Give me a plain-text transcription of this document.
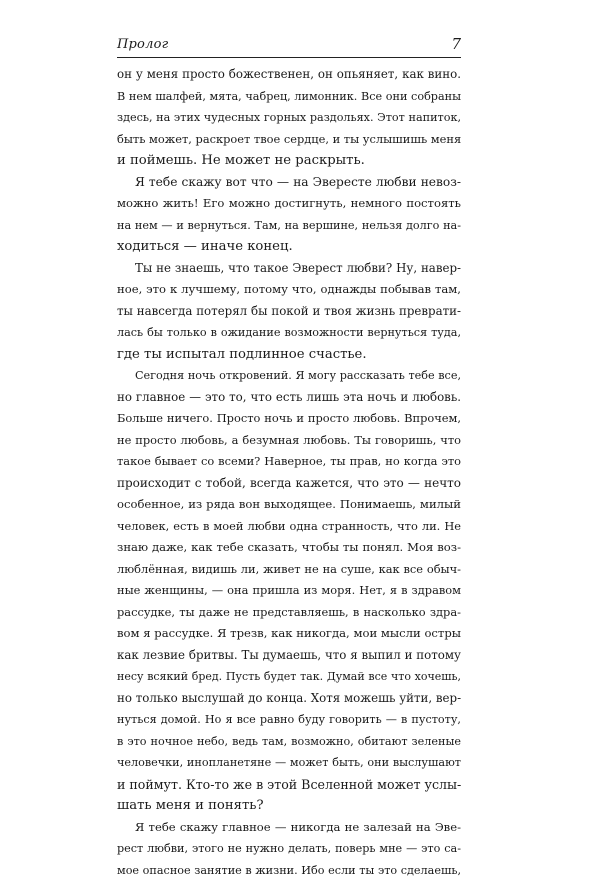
Пролог	7
он у меня просто божественен, он опьяняет, как вино.
В нем шалфей, мята, чабрец, лимонник. Все они собраны
здесь, на этих чудесных горных раздольях. Этот напиток,
быть может, раскроет твое сердце, и ты услышишь меня
и поймешь. Не может не раскрыть.
Я тебе скажу вот что — на Эвересте любви невоз-
можно жить! Его можно достигнуть, немного постоять
на нем — и вернуться. Там, на вершине, нельзя долго на-
ходиться — иначе конец.
Ты не знаешь, что такое Эверест любви? Ну, навер-
ное, это к лучшему, потому что, однажды побывав там,
ты навсегда потерял бы покой и твоя жизнь преврати-
лась бы только в ожидание возможности вернуться туда,
где ты испытал подлинное счастье.
Сегодня ночь откровений. Я могу рассказать тебе все,
но главное — это то, что есть лишь эта ночь и любовь.
Больше ничего. Просто ночь и просто любовь. Впрочем,
не просто любовь, а безумная любовь. Ты говоришь, что
такое бывает со всеми? Наверное, ты прав, но когда это
происходит с тобой, всегда кажется, что это — нечто
особенное, из ряда вон выходящее. Понимаешь, милый
человек, есть в моей любви одна странность, что ли. Не
знаю даже, как тебе сказать, чтобы ты понял. Моя воз-
люблённая, видишь ли, живет не на суше, как все обыч-
ные женщины, — она пришла из моря. Нет, я в здравом
рассудке, ты даже не представляешь, в насколько здра-
вом я рассудке. Я трезв, как никогда, мои мысли остры
как лезвие бритвы. Ты думаешь, что я выпил и потому
несу всякий бред. Пусть будет так. Думай все что хочешь,
но только выслушай до конца. Хотя можешь уйти, вер-
нуться домой. Но я все равно буду говорить — в пустоту,
в это ночное небо, ведь там, возможно, обитают зеленые
человечки, инопланетяне — может быть, они выслушают
и поймут. Кто-то же в этой Вселенной может услы-
шать меня и понять?
Я тебе скажу главное — никогда не залезай на Эве-
рест любви, этого не нужно делать, поверь мне — это са-
мое опасное занятие в жизни. Ибо если ты это сделаешь,
